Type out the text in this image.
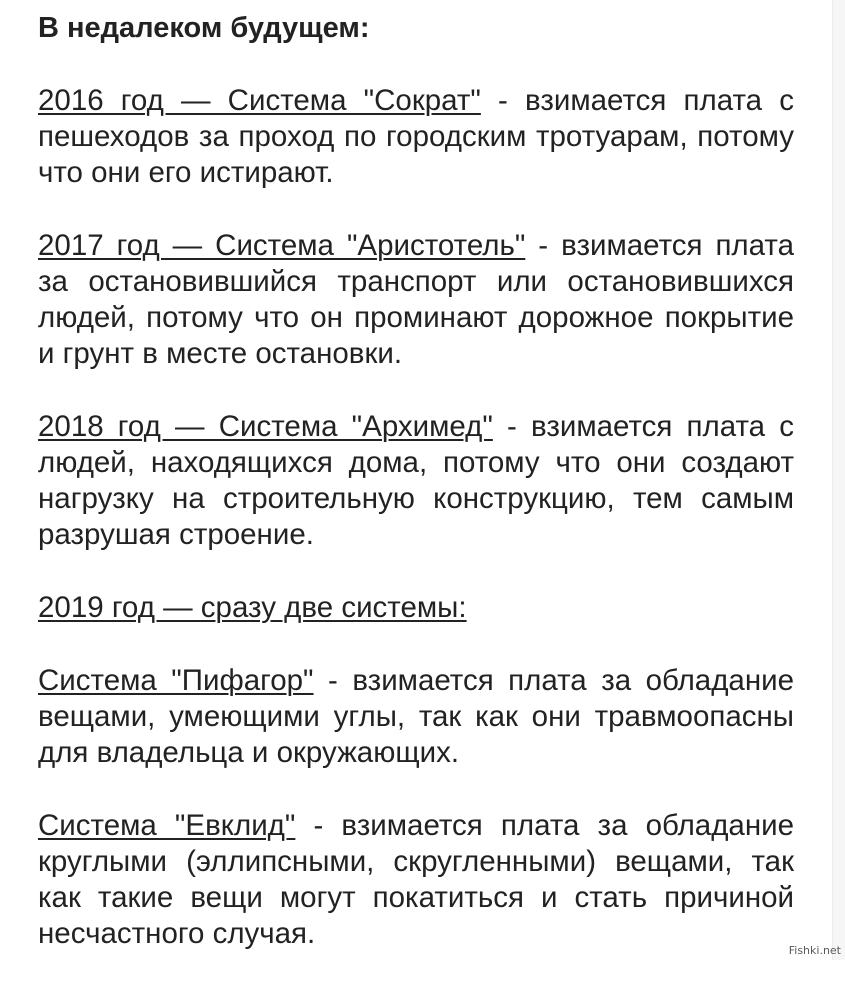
В недалеком будущем:
2016 год — Система "Сократ" - взимается плата с пешеходов за проход по городским тротуарам, потому что они его истирают.
2017 год — Система "Аристотель" - взимается плата за остановившийся транспорт или остановившихся людей, потому что он проминают дорожное покрытие и грунт в месте остановки.
2018 год — Система "Архимед" - взимается плата с людей, находящихся дома, потому что они создают нагрузку на строительную конструкцию, тем самым разрушая строение.
2019 год — сразу две системы:
Система "Пифагор" - взимается плата за обладание вещами, умеющими углы, так как они травмоопасны для владельца и окружающих.
Система "Евклид" - взимается плата за обладание круглыми (эллипсными, скругленными) вещами, так как такие вещи могут покатиться и стать причиной несчастного случая.
Fishki.net
